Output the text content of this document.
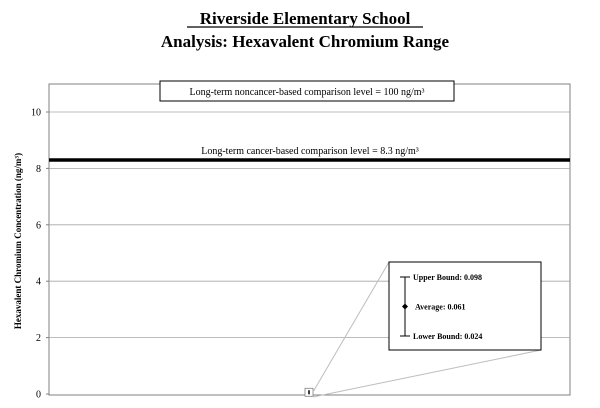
Riverside Elementary School
Analysis: Hexavalent Chromium Range
Hexavalent Chromium Concentration (ng/m³)
0
2
4
6
8
10
Long-term cancer-based comparison level = 8.3 ng/m³
Long-term noncancer-based comparison level = 100 ng/m³
Upper Bound: 0.098
Average: 0.061
Lower Bound: 0.024
